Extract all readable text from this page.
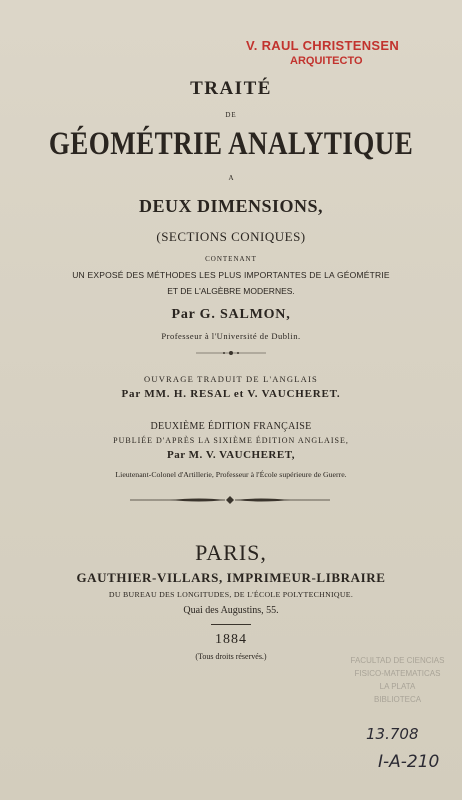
V. RAUL CHRISTENSEN
ARQUITECTO
TRAITÉ
DE
GÉOMÉTRIE ANALYTIQUE
A
DEUX DIMENSIONS,
(SECTIONS CONIQUES)
CONTENANT
UN EXPOSÉ DES MÉTHODES LES PLUS IMPORTANTES DE LA GÉOMÉTRIE
ET DE L'ALGÈBRE MODERNES.
Par G. SALMON,
Professeur à l'Université de Dublin.
OUVRAGE TRADUIT DE L'ANGLAIS
Par MM. H. RESAL et V. VAUCHERET.
DEUXIÈME ÉDITION FRANÇAISE
PUBLIÉE D'APRÈS LA SIXIÈME ÉDITION ANGLAISE,
Par M. V. VAUCHERET,
Lieutenant-Colonel d'Artillerie, Professeur à l'École supérieure de Guerre.
PARIS,
GAUTHIER-VILLARS, IMPRIMEUR-LIBRAIRE
DU BUREAU DES LONGITUDES, DE L'ÉCOLE POLYTECHNIQUE.
Quai des Augustins, 55.
1884
(Tous droits réservés.)	FACULTAD DE CIENCIAS
FISICO-MATEMATICAS
LA PLATA
BIBLIOTECA
13.708
I-A-210
